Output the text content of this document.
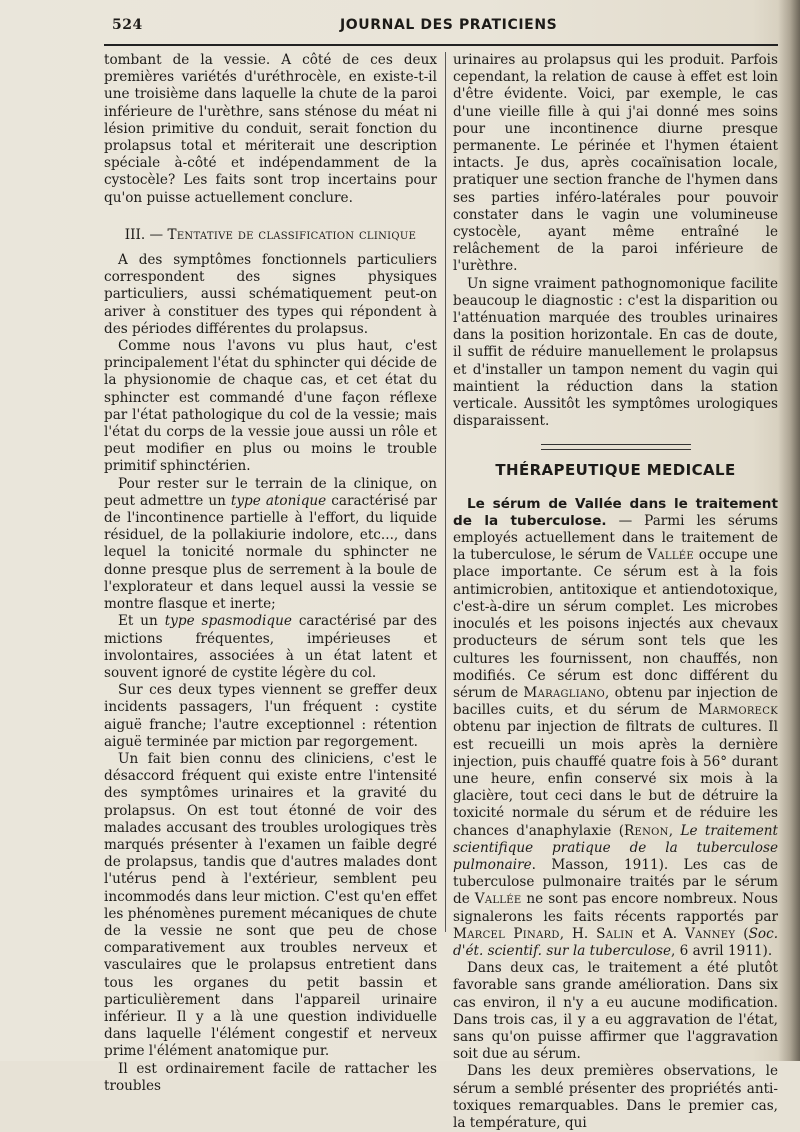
524	JOURNAL DES PRATICIENS

tombant de la vessie. A côté de ces deux premières variétés d'uréthrocèle, en existe-t-il une troisième dans laquelle la chute de la paroi inférieure de l'urèthre, sans sténose du méat ni lésion primitive du conduit, serait fonction du prolapsus total et mériterait une description spéciale à-côté et indépendamment de la cystocèle? Les faits sont trop incertains pour qu'on puisse actuellement conclure.

III. — Tentative de classification clinique

A des symptômes fonctionnels particuliers correspondent des signes physiques particuliers, aussi schématiquement peut-on ariver à constituer des types qui répondent à des périodes différentes du prolapsus.

Comme nous l'avons vu plus haut, c'est principalement l'état du sphincter qui décide de la physionomie de chaque cas, et cet état du sphincter est commandé d'une façon réflexe par l'état pathologique du col de la vessie; mais l'état du corps de la vessie joue aussi un rôle et peut modifier en plus ou moins le trouble primitif sphinctérien.

Pour rester sur le terrain de la clinique, on peut admettre un type atonique caractérisé par de l'incontinence partielle à l'effort, du liquide résiduel, de la pollakiurie indolore, etc..., dans lequel la tonicité normale du sphincter ne donne presque plus de serrement à la boule de l'explorateur et dans lequel aussi la vessie se montre flasque et inerte;

Et un type spasmodique caractérisé par des mictions fréquentes, impérieuses et involontaires, associées à un état latent et souvent ignoré de cystite légère du col.

Sur ces deux types viennent se greffer deux incidents passagers, l'un fréquent : cystite aiguë franche; l'autre exceptionnel : rétention aiguë terminée par miction par regorgement.

Un fait bien connu des cliniciens, c'est le désaccord fréquent qui existe entre l'intensité des symptômes urinaires et la gravité du prolapsus. On est tout étonné de voir des malades accusant des troubles urologiques très marqués présenter à l'examen un faible degré de prolapsus, tandis que d'autres malades dont l'utérus pend à l'extérieur, semblent peu incommodés dans leur miction. C'est qu'en effet les phénomènes purement mécaniques de chute de la vessie ne sont que peu de chose comparativement aux troubles nerveux et vasculaires que le prolapsus entretient dans tous les organes du petit bassin et particulièrement dans l'appareil urinaire inférieur. Il y a là une question individuelle dans laquelle l'élément congestif et nerveux prime l'élément anatomique pur.

Il est ordinairement facile de rattacher les troubles

urinaires au prolapsus qui les produit. Parfois cependant, la relation de cause à effet est loin d'être évidente. Voici, par exemple, le cas d'une vieille fille à qui j'ai donné mes soins pour une incontinence diurne presque permanente. Le périnée et l'hymen étaient intacts. Je dus, après cocaïnisation locale, pratiquer une section franche de l'hymen dans ses parties inféro-latérales pour pouvoir constater dans le vagin une volumineuse cystocèle, ayant même entraîné le relâchement de la paroi inférieure de l'urèthre.

Un signe vraiment pathognomonique facilite beaucoup le diagnostic : c'est la disparition ou l'atténuation marquée des troubles urinaires dans la position horizontale. En cas de doute, il suffit de réduire manuellement le prolapsus et d'installer un tampon nement du vagin qui maintient la réduction dans la station verticale. Aussitôt les symptômes urologiques disparaissent.

THÉRAPEUTIQUE MEDICALE

Le sérum de Vallée dans le traitement de la tuberculose. — Parmi les sérums employés actuellement dans le traitement de la tuberculose, le sérum de Vallée occupe une place importante. Ce sérum est à la fois antimicrobien, antitoxique et antiendotoxique, c'est-à-dire un sérum complet. Les microbes inoculés et les poisons injectés aux chevaux producteurs de sérum sont tels que les cultures les fournissent, non chauffés, non modifiés. Ce sérum est donc différent du sérum de Maragliano, obtenu par injection de bacilles cuits, et du sérum de Marmoreck obtenu par injection de filtrats de cultures. Il est recueilli un mois après la dernière injection, puis chauffé quatre fois à 56° durant une heure, enfin conservé six mois à la glacière, tout ceci dans le but de détruire la toxicité normale du sérum et de réduire les chances d'anaphylaxie (Renon, Le traitement scientifique pratique de la tuberculose pulmonaire. Masson, 1911). Les cas de tuberculose pulmonaire traités par le sérum de Vallée ne sont pas encore nombreux. Nous signalerons les faits récents rapportés par Marcel Pinard, H. Salin et A. Vanney (Soc. d'ét. scientif. sur la tuberculose, 6 avril 1911).

Dans deux cas, le traitement a été plutôt favorable sans grande amélioration. Dans six cas environ, il n'y a eu aucune modification. Dans trois cas, il y a eu aggravation de l'état, sans qu'on puisse affirmer que l'aggravation soit due au sérum.

Dans les deux premières observations, le sérum a semblé présenter des propriétés anti-toxiques remarquables. Dans le premier cas, la température, qui
